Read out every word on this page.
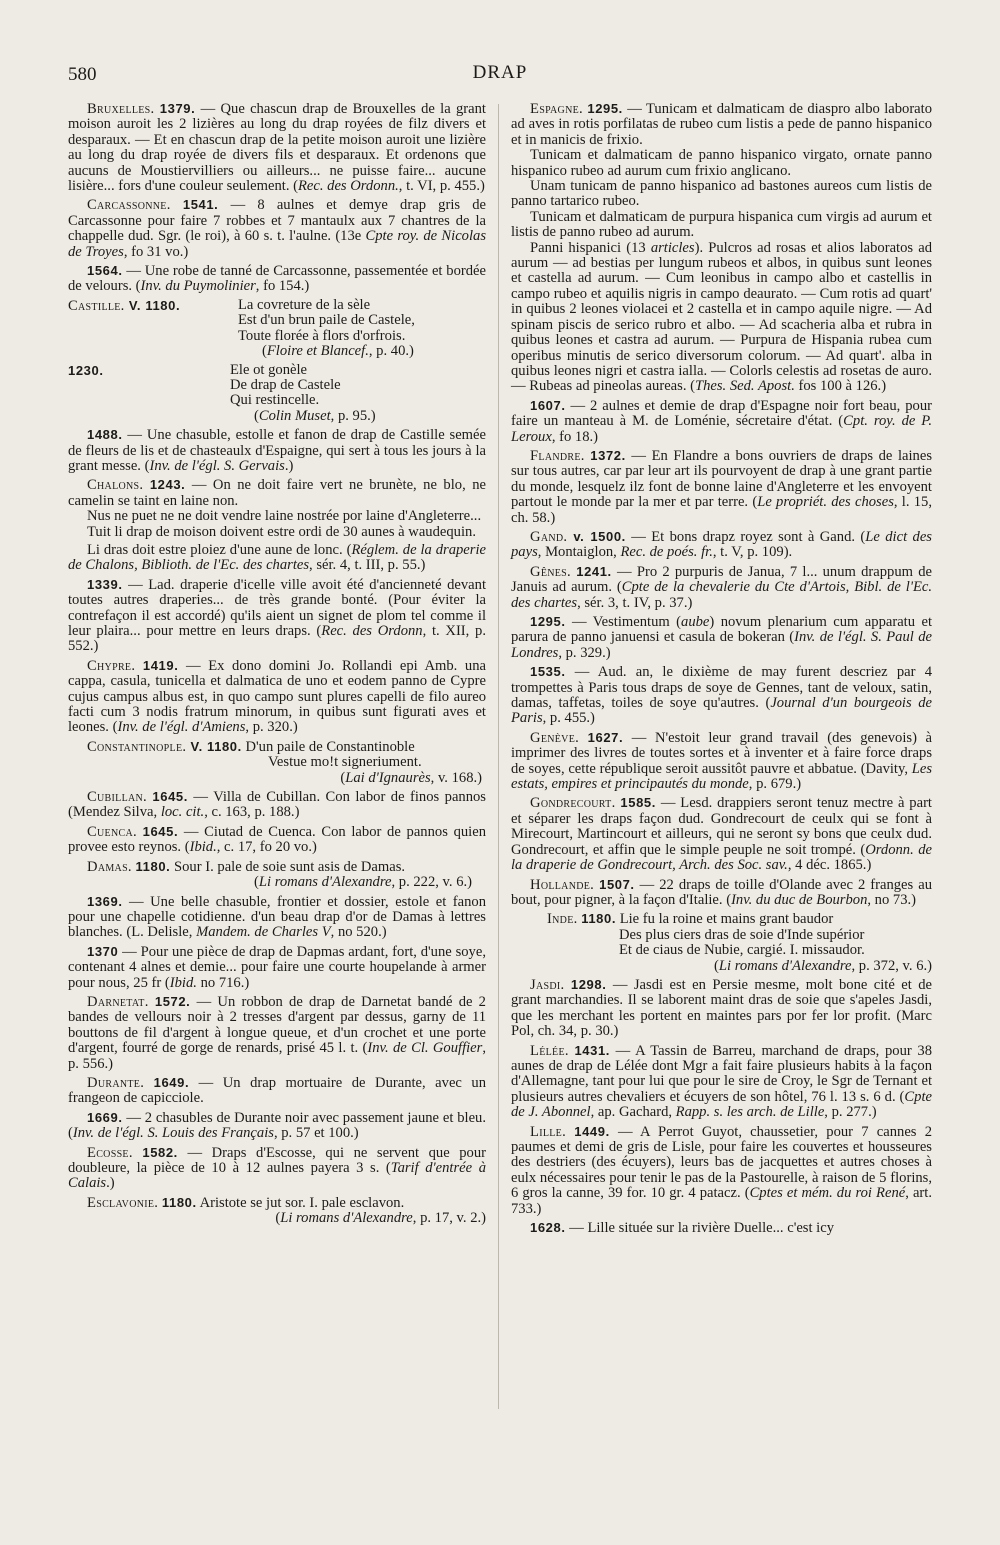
580	DRAP

Bruxelles. 1379. — Que chascun drap de Brouxelles de la grant moison auroit les 2 lizières au long du drap royées de filz divers et desparaux. — Et en chascun drap de la petite moison auroit une lizière au long du drap royée de divers fils et desparaux. Et ordenons que aucuns de Moustiervilliers ou ailleurs... ne puisse faire... aucune lisière... fors d'une couleur seulement. (Rec. des Ordonn., t. VI, p. 455.)

Carcassonne. 1541. — 8 aulnes et demye drap gris de Carcassonne pour faire 7 robbes et 7 mantaulx aux 7 chantres de la chappelle dud. Sgr. (le roi), à 60 s. t. l'aulne. (13e Cpte roy. de Nicolas de Troyes, fo 31 vo.)

1564. — Une robe de tanné de Carcassonne, passementée et bordée de velours. (Inv. du Puymolinier, fo 154.)

Castille. V. 1180.	La covreture de la sèle
Est d'un brun paile de Castele,
Toute florée à flors d'orfrois.
(Floire et Blancef., p. 40.)
1230.	Ele ot gonèle
De drap de Castele
Qui restincelle.
(Colin Muset, p. 95.)

1488. — Une chasuble, estolle et fanon de drap de Castille semée de fleurs de lis et de chasteaulx d'Espaigne, qui sert à tous les jours à la grant messe. (Inv. de l'égl. S. Gervais.)

Chalons. 1243. — On ne doit faire vert ne brunète, ne blo, ne camelin se taint en laine non.

Nus ne puet ne ne doit vendre laine nostrée por laine d'Angleterre...

Tuit li drap de moison doivent estre ordi de 30 aunes à waudequin.

Li dras doit estre ploiez d'une aune de lonc. (Réglem. de la draperie de Chalons, Biblioth. de l'Ec. des chartes, sér. 4, t. III, p. 55.)

1339. — Lad. draperie d'icelle ville avoit été d'ancienneté devant toutes autres draperies... de très grande bonté. (Pour éviter la contrefaçon il est accordé) qu'ils aient un signet de plom tel comme il leur plaira... pour mettre en leurs draps. (Rec. des Ordonn, t. XII, p. 552.)

Chypre. 1419. — Ex dono domini Jo. Rollandi epi Amb. una cappa, casula, tunicella et dalmatica de uno et eodem panno de Cypre cujus campus albus est, in quo campo sunt plures capelli de filo aureo facti cum 3 nodis fratrum minorum, in quibus sunt figurati aves et leones. (Inv. de l'égl. d'Amiens, p. 320.)

Constantinople. V. 1180. D'un paile de Constantinoble

Vestue mo!t signeriument.
(Lai d'Ignaurès, v. 168.)

Cubillan. 1645. — Villa de Cubillan. Con labor de finos pannos (Mendez Silva, loc. cit., c. 163, p. 188.)

Cuenca. 1645. — Ciutad de Cuenca. Con labor de pannos quien provee esto reynos. (Ibid., c. 17, fo 20 vo.)

Damas. 1180. Sour I. pale de soie sunt asis de Damas.

(Li romans d'Alexandre, p. 222, v. 6.)

1369. — Une belle chasuble, frontier et dossier, estole et fanon pour une chapelle cotidienne. d'un beau drap d'or de Damas à lettres blanches. (L. Delisle, Mandem. de Charles V, no 520.)

1370 — Pour une pièce de drap de Dapmas ardant, fort, d'une soye, contenant 4 alnes et demie... pour faire une courte houpelande à armer pour nous, 25 fr (Ibid. no 716.)

Darnetat. 1572. — Un robbon de drap de Darnetat bandé de 2 bandes de vellours noir à 2 tresses d'argent par dessus, garny de 11 bouttons de fil d'argent à longue queue, et d'un crochet et une porte d'argent, fourré de gorge de renards, prisé 45 l. t. (Inv. de Cl. Gouffier, p. 556.)

Durante. 1649. — Un drap mortuaire de Durante, avec un frangeon de capicciole.

1669. — 2 chasubles de Durante noir avec passement jaune et bleu. (Inv. de l'égl. S. Louis des Français, p. 57 et 100.)

Ecosse. 1582. — Draps d'Escosse, qui ne servent que pour doubleure, la pièce de 10 à 12 aulnes payera 3 s. (Tarif d'entrée à Calais.)

Esclavonie. 1180. Aristote se jut sor. I. pale esclavon.

(Li romans d'Alexandre, p. 17, v. 2.)

Espagne. 1295. — Tunicam et dalmaticam de diaspro albo laborato ad aves in rotis porfilatas de rubeo cum listis a pede de panno hispanico et in manicis de frixio.

Tunicam et dalmaticam de panno hispanico virgato, ornate panno hispanico rubeo ad aurum cum frixio anglicano.

Unam tunicam de panno hispanico ad bastones aureos cum listis de panno tartarico rubeo.

Tunicam et dalmaticam de purpura hispanica cum virgis ad aurum et listis de panno rubeo ad aurum.

Panni hispanici (13 articles). Pulcros ad rosas et alios laboratos ad aurum — ad bestias per lungum rubeos et albos, in quibus sunt leones et castella ad aurum. — Cum leonibus in campo albo et castellis in campo rubeo et aquilis nigris in campo deaurato. — Cum rotis ad quart' in quibus 2 leones violacei et 2 castella et in campo aquile nigre. — Ad spinam piscis de serico rubro et albo. — Ad scacheria alba et rubra in quibus leones et castra ad aurum. — Purpura de Hispania rubea cum operibus minutis de serico diversorum colorum. — Ad quart'. alba in quibus leones nigri et castra ialla. — Colorls celestis ad rosetas de auro. — Rubeas ad pineolas aureas. (Thes. Sed. Apost. fos 100 à 126.)

1607. — 2 aulnes et demie de drap d'Espagne noir fort beau, pour faire un manteau à M. de Loménie, sécretaire d'état. (Cpt. roy. de P. Leroux, fo 18.)

Flandre. 1372. — En Flandre a bons ouvriers de draps de laines sur tous autres, car par leur art ils pourvoyent de drap à une grant partie du monde, lesquelz ilz font de bonne laine d'Angleterre et les envoyent partout le monde par la mer et par terre. (Le propriét. des choses, l. 15, ch. 58.)

Gand. v. 1500. — Et bons drapz royez sont à Gand. (Le dict des pays, Montaiglon, Rec. de poés. fr., t. V, p. 109).

Gênes. 1241. — Pro 2 purpuris de Janua, 7 l... unum drappum de Januis ad aurum. (Cpte de la chevalerie du Cte d'Artois, Bibl. de l'Ec. des chartes, sér. 3, t. IV, p. 37.)

1295. — Vestimentum (aube) novum plenarium cum apparatu et parura de panno januensi et casula de bokeran (Inv. de l'égl. S. Paul de Londres, p. 329.)

1535. — Aud. an, le dixième de may furent descriez par 4 trompettes à Paris tous draps de soye de Gennes, tant de veloux, satin, damas, taffetas, toiles de soye qu'autres. (Journal d'un bourgeois de Paris, p. 455.)

Genève. 1627. — N'estoit leur grand travail (des genevois) à imprimer des livres de toutes sortes et à inventer et à faire force draps de soyes, cette république seroit aussitôt pauvre et abbatue. (Davity, Les estats, empires et principautés du monde, p. 679.)

Gondrecourt. 1585. — Lesd. drappiers seront tenuz mectre à part et séparer les draps façon dud. Gondrecourt de ceulx qui se font à Mirecourt, Martincourt et ailleurs, qui ne seront sy bons que ceulx dud. Gondrecourt, et affin que le simple peuple ne soit trompé. (Ordonn. de la draperie de Gondrecourt, Arch. des Soc. sav., 4 déc. 1865.)

Hollande. 1507. — 22 draps de toille d'Olande avec 2 franges au bout, pour pigner, à la façon d'Italie. (Inv. du duc de Bourbon, no 73.)

Inde. 1180. Lie fu la roine et mains grant baudor
Des plus ciers dras de soie d'Inde supérior
Et de ciaus de Nubie, cargié. I. missaudor.
(Li romans d'Alexandre, p. 372, v. 6.)

Jasdi. 1298. — Jasdi est en Persie mesme, molt bone cité et de grant marchandies. Il se laborent maint dras de soie que s'apeles Jasdi, que les merchant les portent en maintes pars por fer lor profit. (Marc Pol, ch. 34, p. 30.)

Lélée. 1431. — A Tassin de Barreu, marchand de draps, pour 38 aunes de drap de Lélée dont Mgr a fait faire plusieurs habits à la façon d'Allemagne, tant pour lui que pour le sire de Croy, le Sgr de Ternant et plusieurs autres chevaliers et écuyers de son hôtel, 76 l. 13 s. 6 d. (Cpte de J. Abonnel, ap. Gachard, Rapp. s. les arch. de Lille, p. 277.)

Lille. 1449. — A Perrot Guyot, chaussetier, pour 7 cannes 2 paumes et demi de gris de Lisle, pour faire les couvertes et housseures des destriers (des écuyers), leurs bas de jacquettes et autres choses à eulx nécessaires pour tenir le pas de la Pastourelle, à raison de 5 florins, 6 gros la canne, 39 for. 10 gr. 4 patacz. (Cptes et mém. du roi René, art. 733.)

1628. — Lille située sur la rivière Duelle... c'est icy
